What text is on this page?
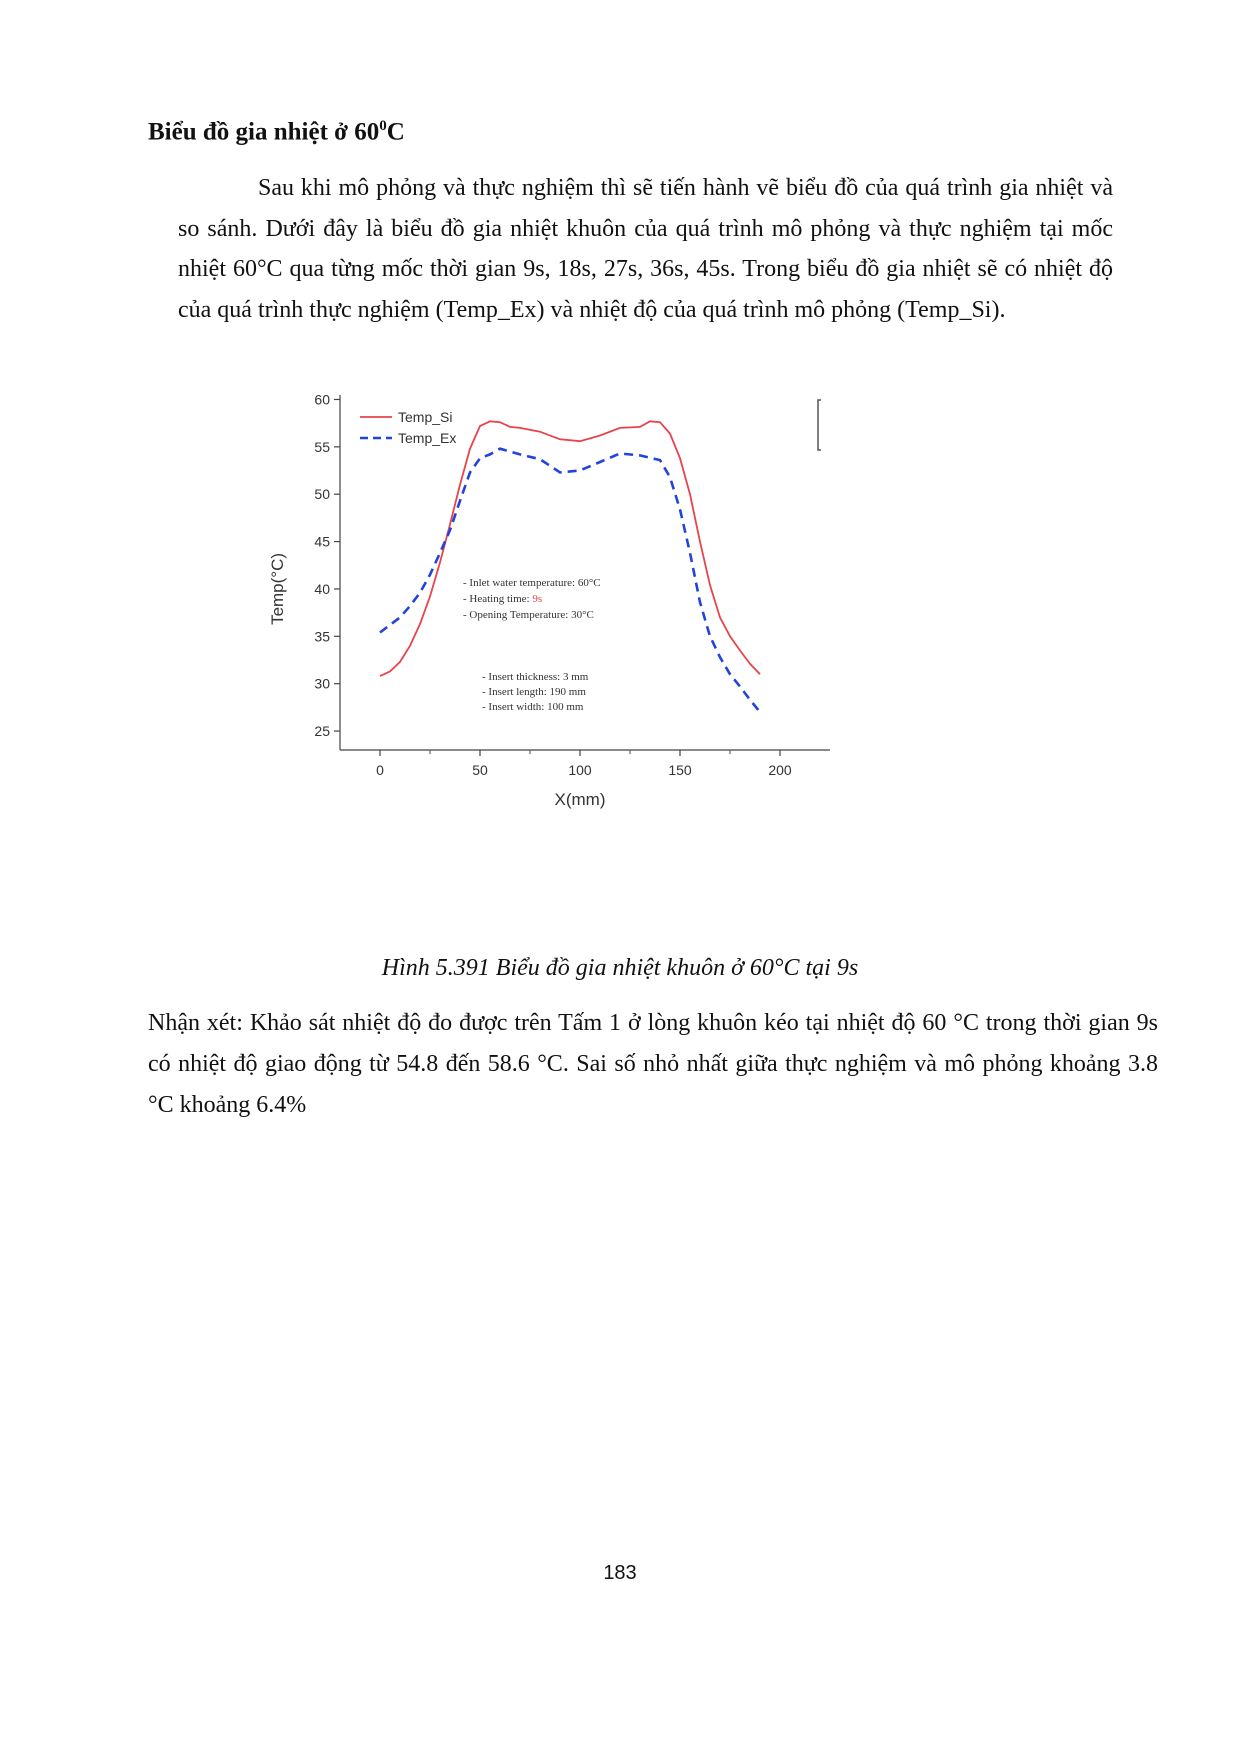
Biểu đồ gia nhiệt ở $60^0C$

Sau khi mô phỏng và thực nghiệm thì sẽ tiến hành vẽ biểu đồ của quá trình gia nhiệt và so sánh. Dưới đây là biểu đồ gia nhiệt khuôn của quá trình mô phỏng và thực nghiệm tại mốc nhiệt 60°C qua từng mốc thời gian 9s, 18s, 27s, 36s, 45s. Trong biểu đồ gia nhiệt sẽ có nhiệt độ của quá trình thực nghiệm (Temp_Ex) và nhiệt độ của quá trình mô phỏng (Temp_Si).

25
30
35
40
45
50
55
60
0	50	100	150	200
X(mm)
Temp(°C)
Temp_Si
Temp_Ex
- Inlet water temperature: 60°C
- Heating time: 9s
- Opening Temperature: 30°C
- Insert thickness: 3 mm
- Insert length: 190 mm
- Insert width: 100 mm
Hình 5.391 Biểu đồ gia nhiệt khuôn ở 60°C tại 9s
Nhận xét: Khảo sát nhiệt độ đo được trên Tấm 1 ở lòng khuôn kéo tại nhiệt độ 60 °C trong thời gian 9s có nhiệt độ giao động từ 54.8 đến 58.6 °C. Sai số nhỏ nhất giữa thực nghiệm và mô phỏng khoảng 3.8 °C khoảng 6.4%
183
